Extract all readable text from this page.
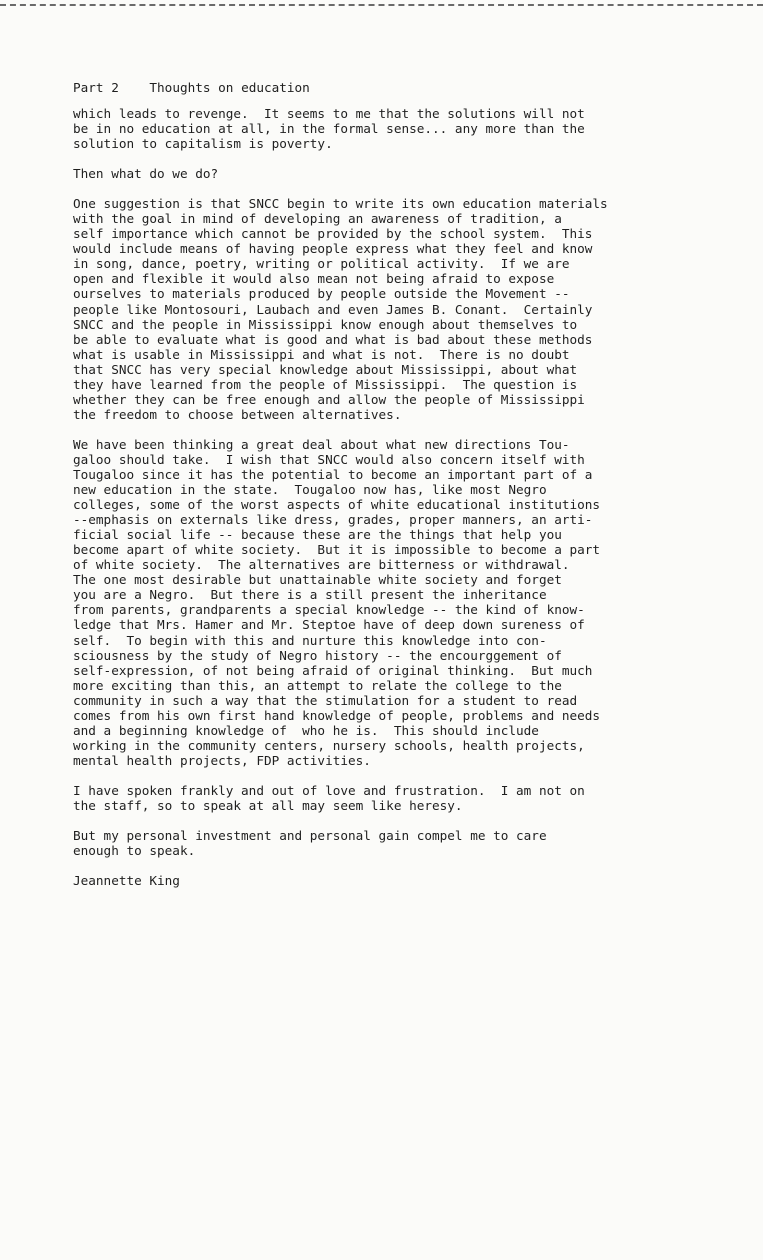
Part 2 Thoughts on education
which leads to revenge.  It seems to me that the solutions will not
be in no education at all, in the formal sense... any more than the
solution to capitalism is poverty.
Then what do we do?
One suggestion is that SNCC begin to write its own education materials
with the goal in mind of developing an awareness of tradition, a
self importance which cannot be provided by the school system.  This
would include means of having people express what they feel and know
in song, dance, poetry, writing or political activity.  If we are
open and flexible it would also mean not being afraid to expose
ourselves to materials produced by people outside the Movement --
people like Montosouri, Laubach and even James B. Conant.  Certainly
SNCC and the people in Mississippi know enough about themselves to
be able to evaluate what is good and what is bad about these methods
what is usable in Mississippi and what is not.  There is no doubt
that SNCC has very special knowledge about Mississippi, about what
they have learned from the people of Mississippi.  The question is
whether they can be free enough and allow the people of Mississippi
the freedom to choose between alternatives.
We have been thinking a great deal about what new directions Tou-
galoo should take.  I wish that SNCC would also concern itself with
Tougaloo since it has the potential to become an important part of a
new education in the state.  Tougaloo now has, like most Negro
colleges, some of the worst aspects of white educational institutions
--emphasis on externals like dress, grades, proper manners, an arti-
ficial social life -- because these are the things that help you
become apart of white society.  But it is impossible to become a part
of white society.  The alternatives are bitterness or withdrawal.
The one most desirable but unattainable white society and forget
you are a Negro.  But there is a still present the inheritance
from parents, grandparents a special knowledge -- the kind of know-
ledge that Mrs. Hamer and Mr. Steptoe have of deep down sureness of
self.  To begin with this and nurture this knowledge into con-
sciousness by the study of Negro history -- the encourggement of
self-expression, of not being afraid of original thinking.  But much
more exciting than this, an attempt to relate the college to the
community in such a way that the stimulation for a student to read
comes from his own first hand knowledge of people, problems and needs
and a beginning knowledge of  who he is.  This should include
working in the community centers, nursery schools, health projects,
mental health projects, FDP activities.
I have spoken frankly and out of love and frustration.  I am not on
the staff, so to speak at all may seem like heresy.
But my personal investment and personal gain compel me to care
enough to speak.
Jeannette King
